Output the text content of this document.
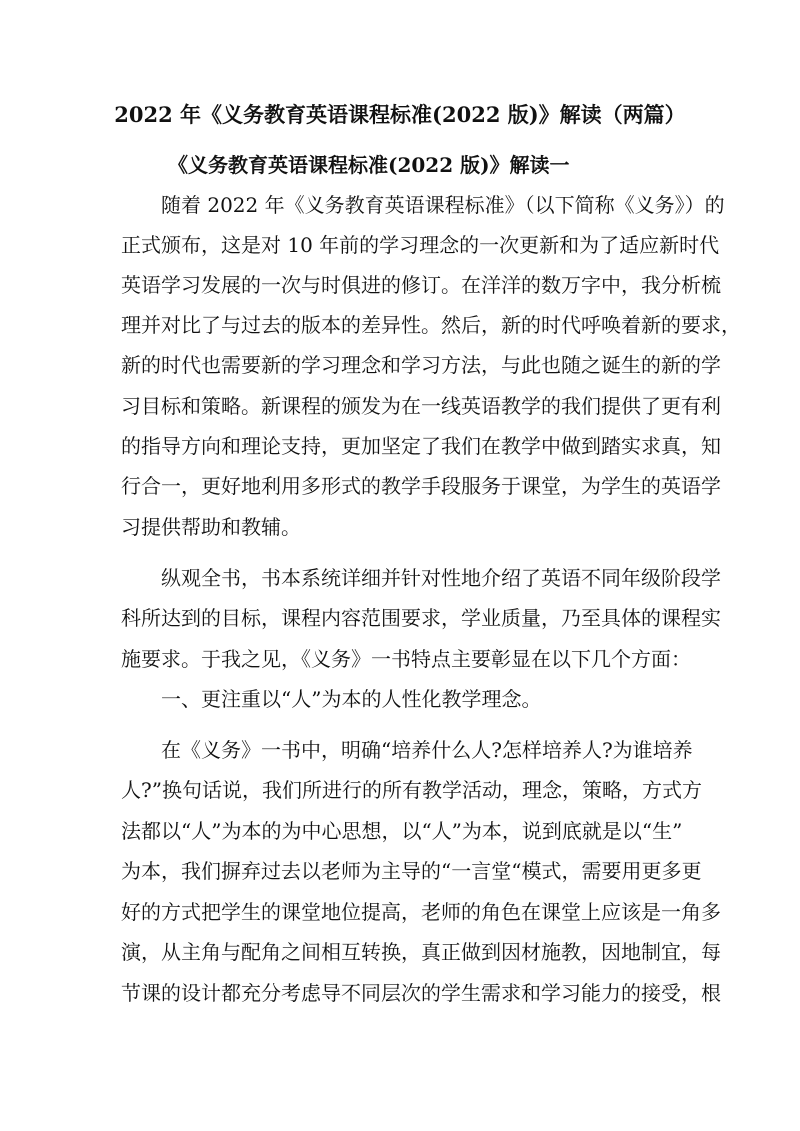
2022 年《义务教育英语课程标准(2022 版)》解读（两篇）
《义务教育英语课程标准(2022 版)》解读一

随着 2022 年《义务教育英语课程标准》（以下简称《义务》）的

正式颁布，这是对 10 年前的学习理念的一次更新和为了适应新时代

英语学习发展的一次与时俱进的修订。在洋洋的数万字中，我分析梳

理并对比了与过去的版本的差异性。然后，新的时代呼唤着新的要求，

新的时代也需要新的学习理念和学习方法，与此也随之诞生的新的学

习目标和策略。新课程的颁发为在一线英语教学的我们提供了更有利

的指导方向和理论支持，更加坚定了我们在教学中做到踏实求真，知

行合一，更好地利用多形式的教学手段服务于课堂，为学生的英语学

习提供帮助和教辅。

纵观全书，书本系统详细并针对性地介绍了英语不同年级阶段学

科所达到的目标，课程内容范围要求，学业质量，乃至具体的课程实

施要求。于我之见，《义务》一书特点主要彰显在以下几个方面：

一、更注重以“人”为本的人性化教学理念。

在《义务》一书中，明确“培养什么人?怎样培养人?为谁培养

人?”换句话说，我们所进行的所有教学活动，理念，策略，方式方

法都以“人”为本的为中心思想，以“人”为本，说到底就是以“生”

为本，我们摒弃过去以老师为主导的“一言堂“模式，需要用更多更

好的方式把学生的课堂地位提高，老师的角色在课堂上应该是一角多

演，从主角与配角之间相互转换，真正做到因材施教，因地制宜，每

节课的设计都充分考虑导不同层次的学生需求和学习能力的接受，根
